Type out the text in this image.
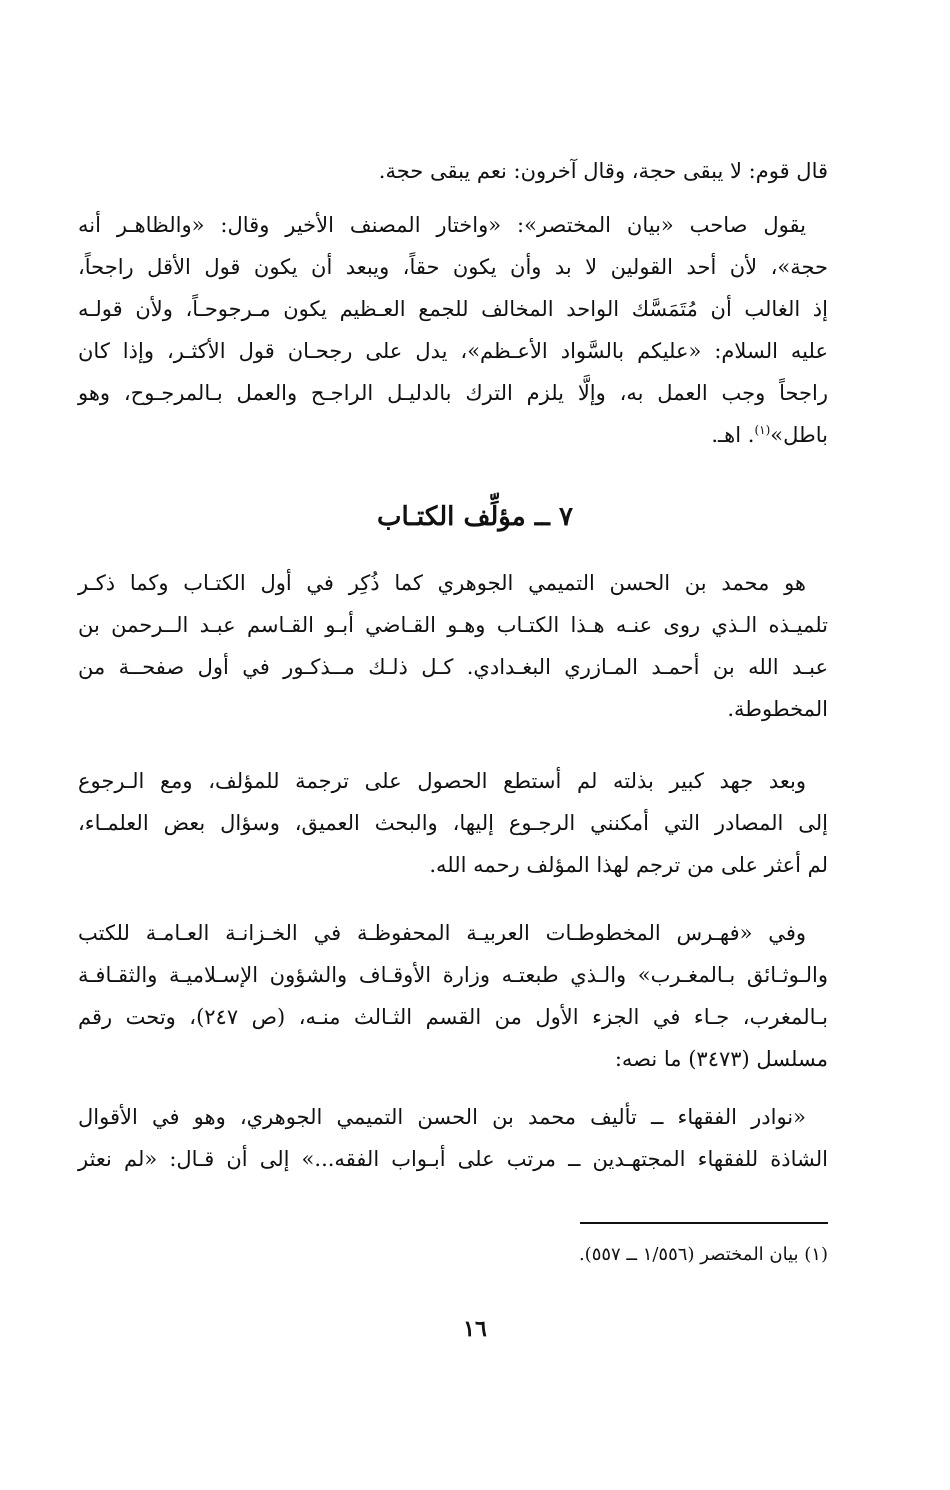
قال قوم: لا يبقى حجة، وقال آخرون: نعم يبقى حجة.
يقول صاحب «بيان المختصر»: «واختار المصنف الأخير وقال: «والظاهـر أنه
حجة»، لأن أحد القولين لا بد وأن يكون حقاً، ويبعد أن يكون قول الأقل راجحاً،
إذ الغالب أن مُتَمَسَّك الواحد المخالف للجمع العـظيم يكون مـرجوحـاً، ولأن قولـه
عليه السلام: «عليكم بالسَّواد الأعـظم»، يدل على رجحـان قول الأكثـر، وإذا كان
راجحاً وجب العمل به، وإلَّا يلزم الترك بالدليـل الراجـح والعمل بـالمرجـوح، وهو
باطل»$^{(١)}$. اهـ.
٧ ــ مؤلِّف الكتـاب
هو محمد بن الحسن التميمي الجوهري كما ذُكِر في أول الكتـاب وكما ذكـر
تلميـذه الـذي روى عنـه هـذا الكتـاب وهـو القـاضي أبـو القـاسم عبـد الــرحمن بن
عبـد الله بن أحمـد المـازري البغـدادي. كـل ذلـك مــذكـور في أول صفحــة من
المخطوطة.
وبعد جهد كبير بذلته لم أستطع الحصول على ترجمة للمؤلف، ومع الـرجوع
إلى المصادر التي أمكنني الرجـوع إليها، والبحث العميق، وسؤال بعض العلمـاء،
لم أعثر على من ترجم لهذا المؤلف رحمه الله.
وفي «فهـرس المخطوطـات العربيـة المحفوظـة في الخـزانـة العـامـة للكتب
والـوثـائق بـالمغـرب» والـذي طبعتـه وزارة الأوقـاف والشؤون الإسـلاميـة والثقـافـة
بـالمغرب، جـاء في الجزء الأول من القسم الثـالث منـه، (ص ٢٤٧)، وتحت رقم
مسلسل (٣٤٧٣) ما نصه:
«نوادر الفقهاء ــ تأليف محمد بن الحسن التميمي الجوهري، وهو في الأقوال
الشاذة للفقهاء المجتهـدين ــ مرتب على أبـواب الفقه...» إلى أن قـال: «لم نعثر
(١) بيان المختصر (١/٥٥٦ ــ ٥٥٧).
١٦
